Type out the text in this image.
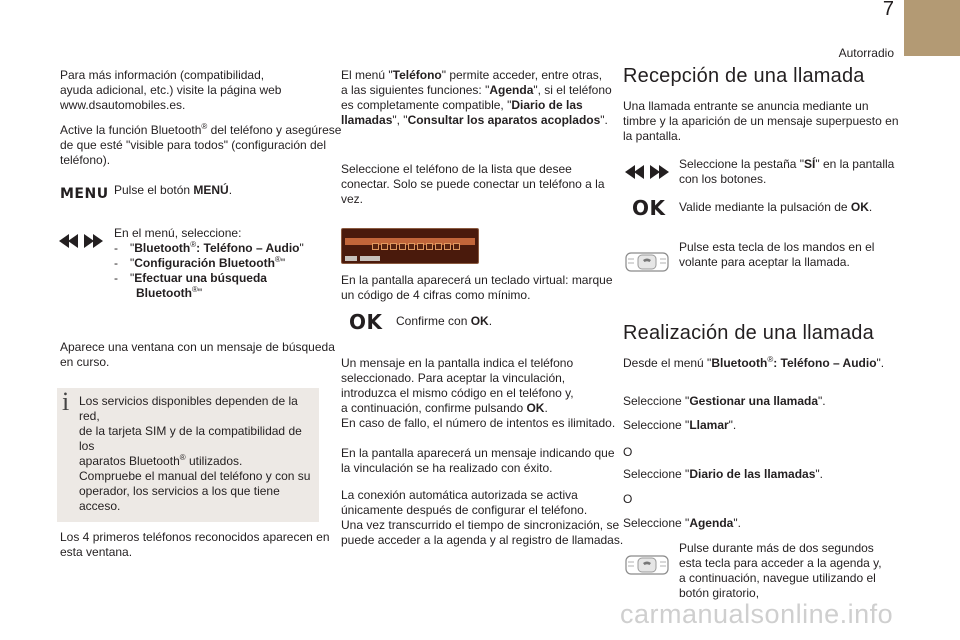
7
Autorradio
Para más información (compatibilidad,
ayuda adicional, etc.) visite la página web
www.dsautomobiles.es.
Active la función Bluetooth® del teléfono y asegúrese
de que esté "visible para todos" (configuración del
teléfono).
MENU Pulse el botón MENÚ.
En el menú, seleccione:
-	"Bluetooth®: Teléfono – Audio"
-	"Configuración Bluetooth®"
-	"Efectuar una búsqueda
Bluetooth®"
Aparece una ventana con un mensaje de búsqueda
en curso.
i Los servicios disponibles dependen de la red,
de la tarjeta SIM y de la compatibilidad de los
aparatos Bluetooth® utilizados.
Compruebe el manual del teléfono y con su
operador, los servicios a los que tiene acceso.
Los 4 primeros teléfonos reconocidos aparecen en
esta ventana.
El menú "Teléfono" permite acceder, entre otras,
a las siguientes funciones: "Agenda", si el teléfono
es completamente compatible, "Diario de las
llamadas", "Consultar los aparatos acoplados".
Seleccione el teléfono de la lista que desee
conectar. Solo se puede conectar un teléfono a la
vez.
En la pantalla aparecerá un teclado virtual: marque
un código de 4 cifras como mínimo.
OK Confirme con OK.
Un mensaje en la pantalla indica el teléfono
seleccionado. Para aceptar la vinculación,
introduzca el mismo código en el teléfono y,
a continuación, confirme pulsando OK.
En caso de fallo, el número de intentos es ilimitado.
En la pantalla aparecerá un mensaje indicando que
la vinculación se ha realizado con éxito.
La conexión automática autorizada se activa
únicamente después de configurar el teléfono.
Una vez transcurrido el tiempo de sincronización, se
puede acceder a la agenda y al registro de llamadas.
Recepción de una llamada
Una llamada entrante se anuncia mediante un
timbre y la aparición de un mensaje superpuesto en
la pantalla.
Seleccione la pestaña "SÍ" en la pantalla
con los botones.
OK Valide mediante la pulsación de OK.
Pulse esta tecla de los mandos en el
volante para aceptar la llamada.
Realización de una llamada
Desde el menú "Bluetooth®: Teléfono – Audio".
Seleccione "Gestionar una llamada".
Seleccione "Llamar".
O
Seleccione "Diario de las llamadas".
O
Seleccione "Agenda".
Pulse durante más de dos segundos
esta tecla para acceder a la agenda y,
a continuación, navegue utilizando el
botón giratorio,
carmanualsonline.info
